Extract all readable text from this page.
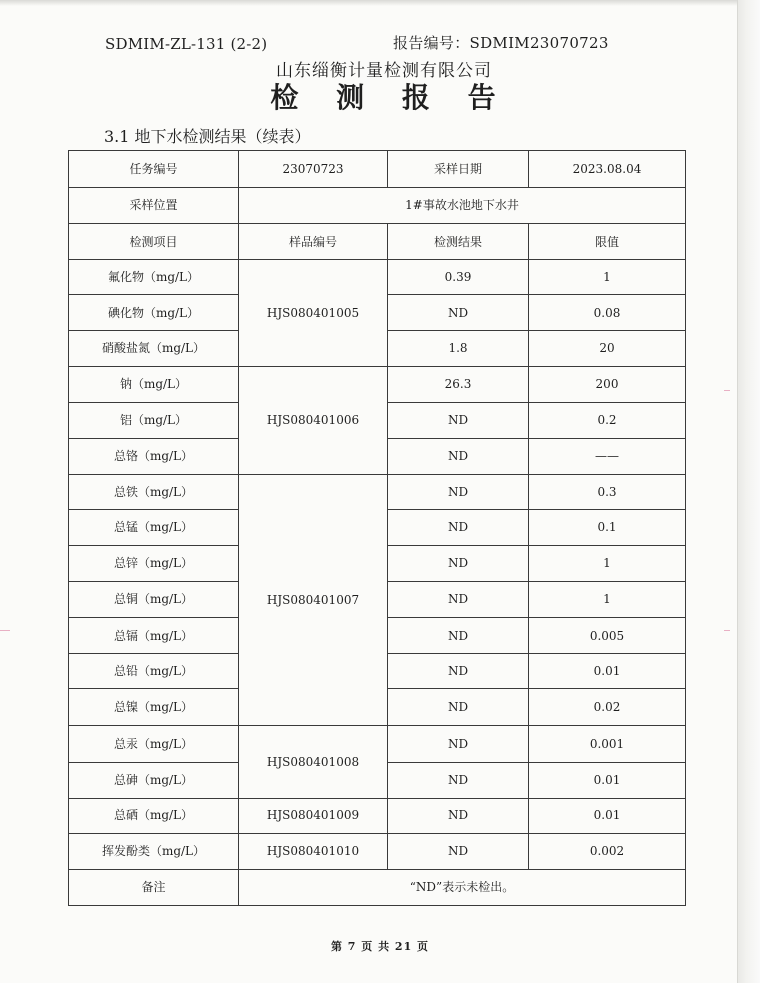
SDMIM-ZL-131 (2-2)	报告编号：SDMIM23070723
山东缁衡计量检测有限公司
检 测 报 告
3.1 地下水检测结果（续表）
任务编号	23070723	采样日期	2023.08.04
采样位置	1#事故水池地下水井		
检测项目	样品编号	检测结果	限值
氟化物（mg/L）	HJS080401005	0.39	1
碘化物（mg/L）		ND	0.08
硝酸盐氮（mg/L）		1.8	20
钠（mg/L）	HJS080401006	26.3	200
铝（mg/L）		ND	0.2
总铬（mg/L）		ND	——
总铁（mg/L）	HJS080401007	ND	0.3
总锰（mg/L）		ND	0.1
总锌（mg/L）		ND	1
总铜（mg/L）		ND	1
总镉（mg/L）		ND	0.005
总铅（mg/L）		ND	0.01
总镍（mg/L）		ND	0.02
总汞（mg/L）	HJS080401008	ND	0.001
总砷（mg/L）		ND	0.01
总硒（mg/L）	HJS080401009	ND	0.01
挥发酚类（mg/L）	HJS080401010	ND	0.002
备注	“ND”表示未检出。		
第 7 页 共 21 页
